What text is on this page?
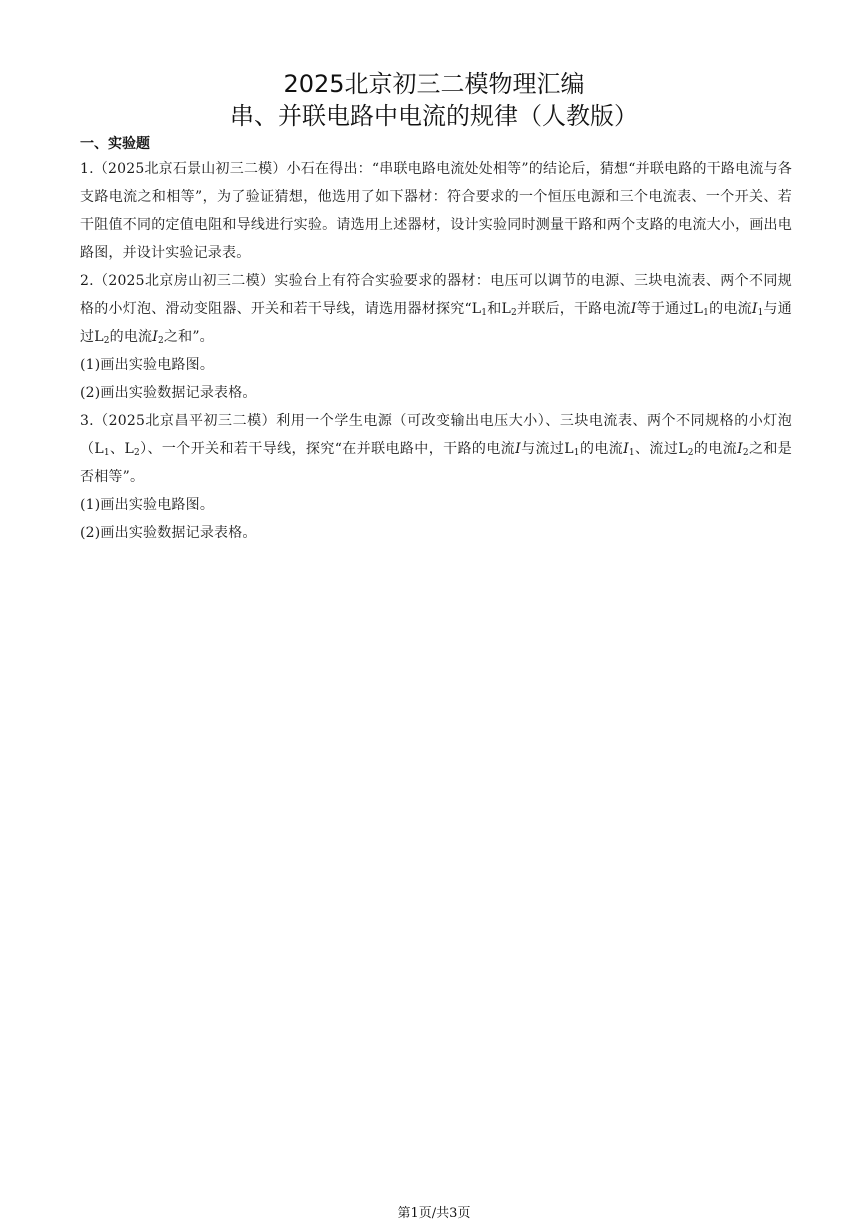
2025北京初三二模物理汇编
串、并联电路中电流的规律（人教版）
一、实验题

1.（2025北京石景山初三二模）小石在得出：“串联电路电流处处相等”的结论后，猜想“并联电路的干路电流与各支路电流之和相等”，为了验证猜想，他选用了如下器材：符合要求的一个恒压电源和三个电流表、一个开关、若干阻值不同的定值电阻和导线进行实验。请选用上述器材，设计实验同时测量干路和两个支路的电流大小，画出电路图，并设计实验记录表。

2.（2025北京房山初三二模）实验台上有符合实验要求的器材：电压可以调节的电源、三块电流表、两个不同规格的小灯泡、滑动变阻器、开关和若干导线，请选用器材探究“$L_1$和$L_2$并联后，干路电流I等于通过$L_1$的电流$I_1$与通过$L_2$的电流$I_2$之和”。

(1)画出实验电路图。

(2)画出实验数据记录表格。

3.（2025北京昌平初三二模）利用一个学生电源（可改变输出电压大小）、三块电流表、两个不同规格的小灯泡（$L_1$、$L_2$）、一个开关和若干导线，探究“在并联电路中，干路的电流I与流过$L_1$的电流$I_1$、流过$L_2$的电流$I_2$之和是否相等”。

(1)画出实验电路图。

(2)画出实验数据记录表格。

第1页/共3页
